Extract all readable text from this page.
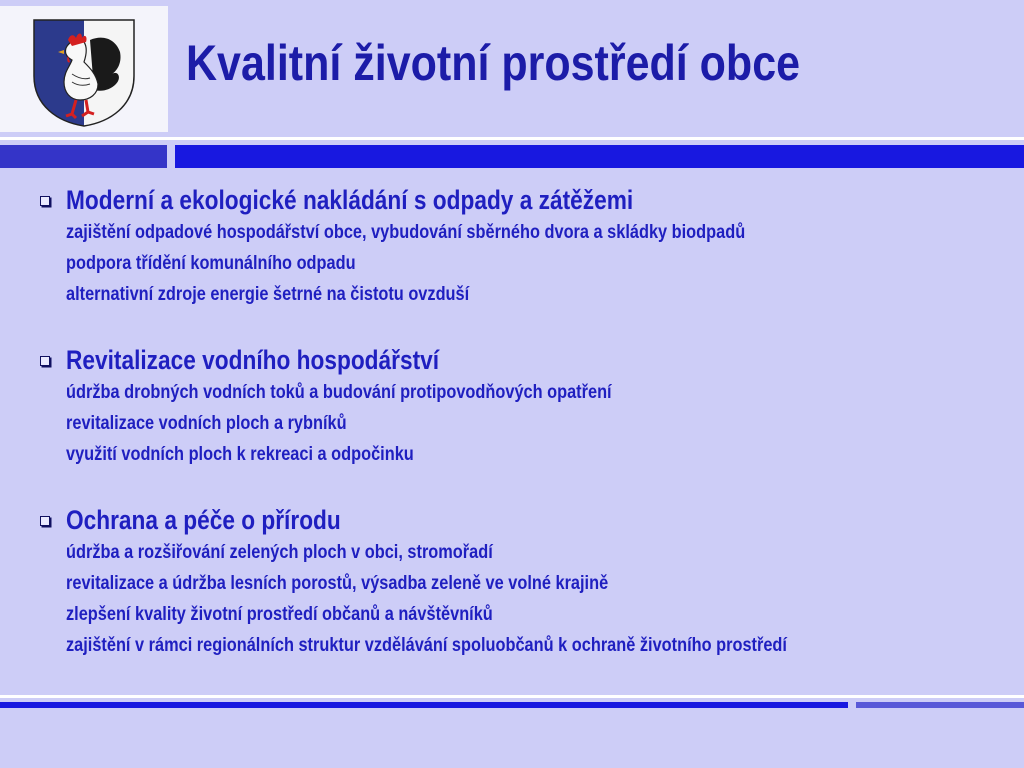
Kvalitní životní prostředí obce
Moderní a ekologické nakládání s odpady a zátěžemi
zajištění odpadové hospodářství obce, vybudování sběrného dvora a skládky biodpadů
podpora třídění komunálního odpadu
alternativní zdroje energie šetrné na čistotu ovzduší
Revitalizace vodního hospodářství
údržba drobných vodních toků a budování protipovodňových opatření
revitalizace vodních ploch a rybníků
využití vodních ploch k rekreaci a odpočinku
Ochrana a péče o přírodu
údržba a rozšiřování zelených ploch v obci, stromořadí
revitalizace a údržba lesních porostů, výsadba zeleně ve volné krajině
zlepšení kvality životní prostředí občanů a návštěvníků
zajištění v rámci regionálních struktur vzdělávání spoluobčanů k ochraně životního prostředí
